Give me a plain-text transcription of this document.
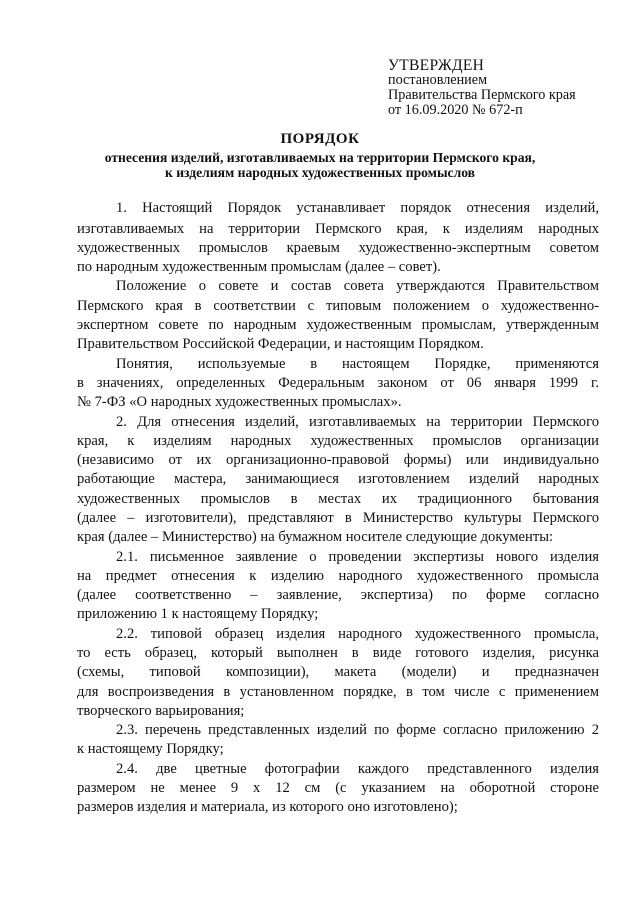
УТВЕРЖДЕН
постановлением
Правительства Пермского края
от 16.09.2020 № 672-п
ПОРЯДОК
отнесения изделий, изготавливаемых на территории Пермского края,
к изделиям народных художественных промыслов
1. Настоящий Порядок устанавливает порядок отнесения изделий,
изготавливаемых на территории Пермского края, к изделиям народных
художественных промыслов краевым художественно-экспертным советом
по народным художественным промыслам (далее – совет).
Положение о совете и состав совета утверждаются Правительством
Пермского края в соответствии с типовым положением о художественно-
экспертном совете по народным художественным промыслам, утвержденным
Правительством Российской Федерации, и настоящим Порядком.
Понятия, используемые в настоящем Порядке, применяются
в значениях, определенных Федеральным законом от 06 января 1999 г.
№ 7-ФЗ «О народных художественных промыслах».
2. Для отнесения изделий, изготавливаемых на территории Пермского
края, к изделиям народных художественных промыслов организации
(независимо от их организационно-правовой формы) или индивидуально
работающие мастера, занимающиеся изготовлением изделий народных
художественных промыслов в местах их традиционного бытования
(далее – изготовители), представляют в Министерство культуры Пермского
края (далее – Министерство) на бумажном носителе следующие документы:
2.1. письменное заявление о проведении экспертизы нового изделия
на предмет отнесения к изделию народного художественного промысла
(далее соответственно – заявление, экспертиза) по форме согласно
приложению 1 к настоящему Порядку;
2.2. типовой образец изделия народного художественного промысла,
то есть образец, который выполнен в виде готового изделия, рисунка
(схемы, типовой композиции), макета (модели) и предназначен
для воспроизведения в установленном порядке, в том числе с применением
творческого варьирования;
2.3. перечень представленных изделий по форме согласно приложению 2
к настоящему Порядку;
2.4. две цветные фотографии каждого представленного изделия
размером не менее 9 х 12 см (с указанием на оборотной стороне
размеров изделия и материала, из которого оно изготовлено);
